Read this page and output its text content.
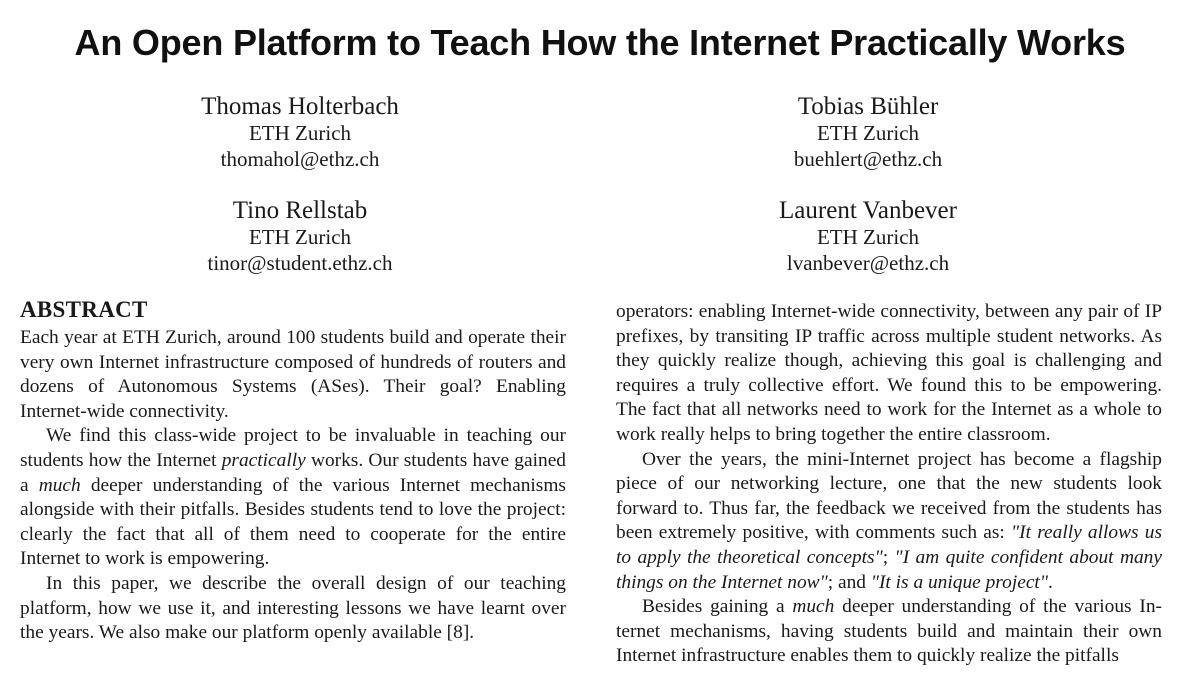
An Open Platform to Teach How the Internet Practically Works
Thomas Holterbach
ETH Zurich
thomahol@ethz.ch
Tobias Bühler
ETH Zurich
buehlert@ethz.ch
Tino Rellstab
ETH Zurich
tinor@student.ethz.ch
Laurent Vanbever
ETH Zurich
lvanbever@ethz.ch
ABSTRACT

Each year at ETH Zurich, around 100 students build and operate their very own Internet infrastructure composed of hundreds of routers and dozens of Autonomous Systems (ASes). Their goal? Enabling Internet-wide connectivity.

We find this class-wide project to be invaluable in teaching our students how the Internet practically works. Our students have gained a much deeper understanding of the various Internet mechanisms alongside with their pitfalls. Besides students tend to love the project: clearly the fact that all of them need to cooperate for the entire Internet to work is empowering.

In this paper, we describe the overall design of our teaching platform, how we use it, and interesting lessons we have learnt over the years. We also make our platform openly available [8].

operators: enabling Internet-wide connectivity, between any pair of IP prefixes, by transiting IP traffic across multiple student networks. As they quickly realize though, achieving this goal is challenging and requires a truly collective effort. We found this to be empowering. The fact that all networks need to work for the Internet as a whole to work really helps to bring together the entire classroom.

Over the years, the mini-Internet project has become a flagship piece of our networking lecture, one that the new students look forward to. Thus far, the feedback we received from the students has been extremely positive, with comments such as: "It really allows us to apply the theoretical concepts"; "I am quite confident about many things on the Internet now"; and "It is a unique project".

Besides gaining a much deeper understanding of the various Internet mechanisms, having students build and maintain their own Internet infrastructure enables them to quickly realize the pitfalls
